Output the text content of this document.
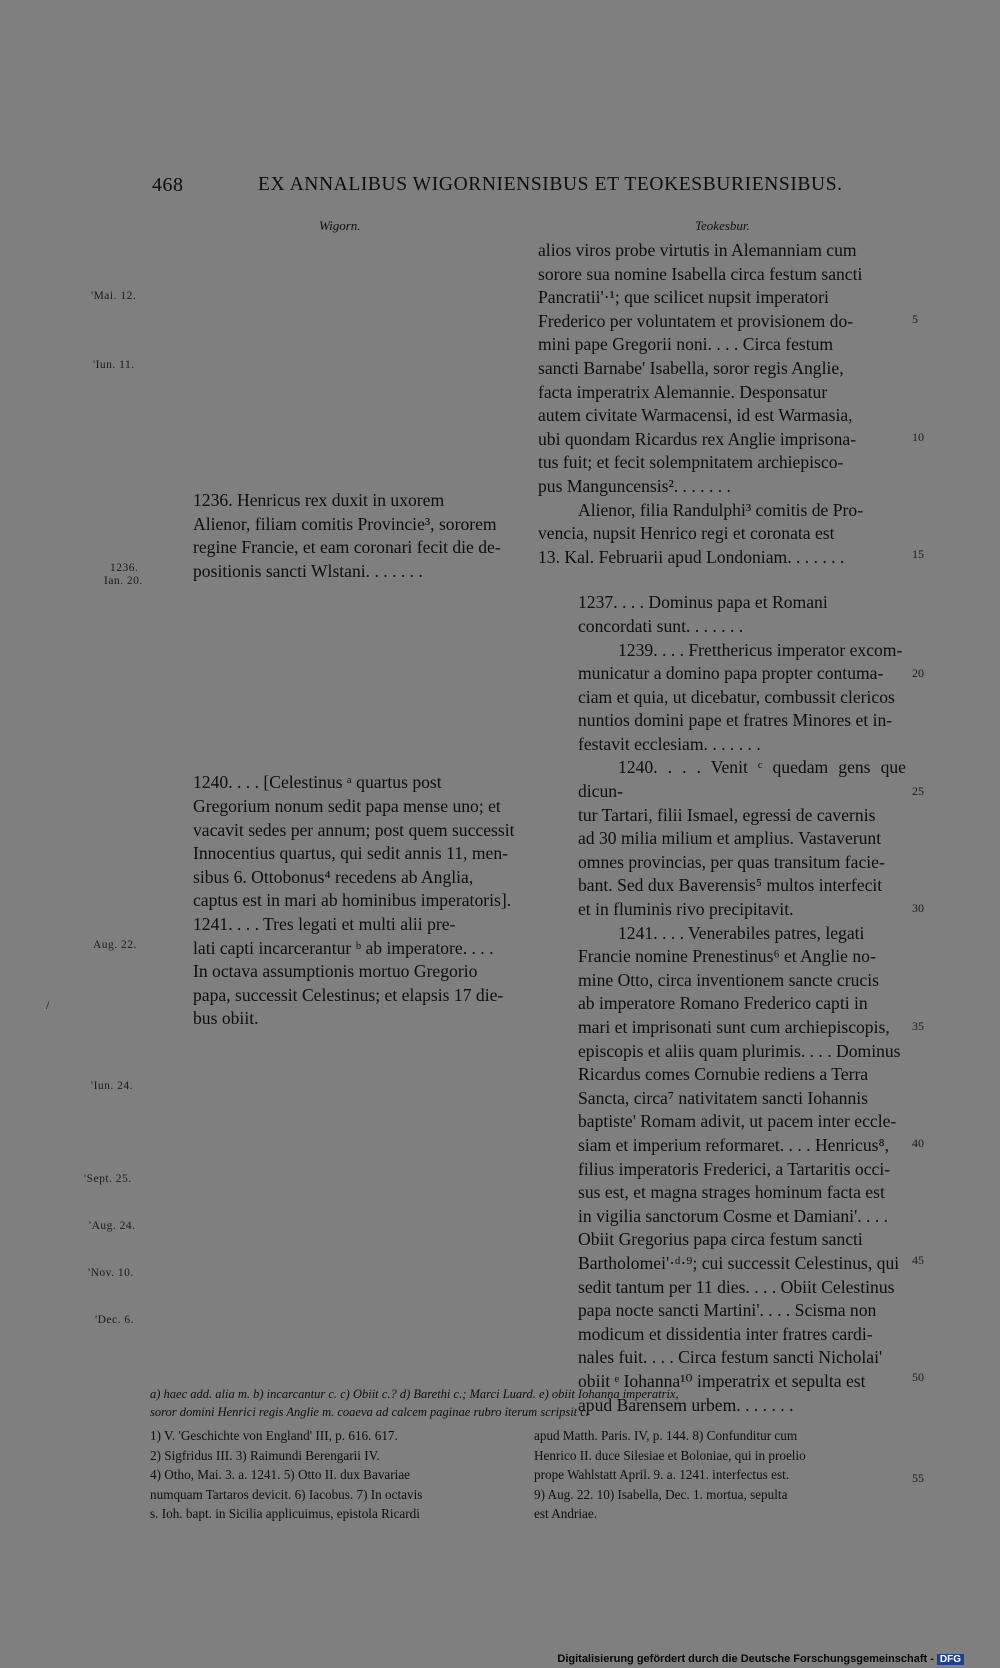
468	EX ANNALIBUS WIGORNIENSIBUS ET TEOKESBURIENSIBUS.
Wigorn.	Teokesbur.
'Mai. 12.
'Iun. 11.
1236.
Ian. 20.
Aug. 22.
'Iun. 24.
'Sept. 25.
'Aug. 24.
'Nov. 10.
'Dec. 6.
/

1236. Henricus rex duxit in uxorem
Alienor, filiam comitis Provincie³, sororem
regine Francie, et eam coronari fecit die de-
positionis sancti Wlstani. . . . . . .

1240. . . . [Celestinus ᵃ quartus post
Gregorium nonum sedit papa mense uno; et
vacavit sedes per annum; post quem successit
Innocentius quartus, qui sedit annis 11, men-
sibus 6. Ottobonus⁴ recedens ab Anglia,
captus est in mari ab hominibus imperatoris].
1241. . . . Tres legati et multi alii pre-
lati capti incarcerantur ᵇ ab imperatore. . . .
In octava assumptionis mortuo Gregorio
papa, successit Celestinus; et elapsis 17 die-
bus obiit.

alios viros probe virtutis in Alemanniam cum
sorore sua nomine Isabella circa festum sancti
Pancratii'·¹; que scilicet nupsit imperatori
Frederico per voluntatem et provisionem do-
mini pape Gregorii noni. . . . Circa festum
sancti Barnabe' Isabella, soror regis Anglie,
facta imperatrix Alemannie. Desponsatur
autem civitate Warmacensi, id est Warmasia,
ubi quondam Ricardus rex Anglie imprisona-
tus fuit; et fecit solempnitatem archiepisco-
pus Manguncensis². . . . . . .
Alienor, filia Randulphi³ comitis de Pro-
vencia, nupsit Henrico regi et coronata est
13. Kal. Februarii apud Londoniam. . . . . . .

1237. . . . Dominus papa et Romani
concordati sunt. . . . . . .
1239. . . . Fretthericus imperator excom-
municatur a domino papa propter contuma-
ciam et quia, ut dicebatur, combussit clericos
nuntios domini pape et fratres Minores et in-
festavit ecclesiam. . . . . . .
1240. . . . Venit ᶜ quedam gens que dicun-
tur Tartari, filii Ismael, egressi de cavernis
ad 30 milia milium et amplius. Vastaverunt
omnes provincias, per quas transitum facie-
bant. Sed dux Baverensis⁵ multos interfecit
et in fluminis rivo precipitavit.
1241. . . . Venerabiles patres, legati
Francie nomine Prenestinus⁶ et Anglie no-
mine Otto, circa inventionem sancte crucis
ab imperatore Romano Frederico capti in
mari et imprisonati sunt cum archiepiscopis,
episcopis et aliis quam plurimis. . . . Dominus
Ricardus comes Cornubie rediens a Terra
Sancta, circa⁷ nativitatem sancti Iohannis
baptiste' Romam adivit, ut pacem inter eccle-
siam et imperium reformaret. . . . Henricus⁸,
filius imperatoris Frederici, a Tartaritis occi-
sus est, et magna strages hominum facta est
in vigilia sanctorum Cosme et Damiani'. . . .
Obiit Gregorius papa circa festum sancti
Bartholomei'·ᵈ·⁹; cui successit Celestinus, qui
sedit tantum per 11 dies. . . . Obiit Celestinus
papa nocte sancti Martini'. . . . Scisma non
modicum et dissidentia inter fratres cardi-
nales fuit. . . . Circa festum sancti Nicholai'
obiit ᵉ Iohanna¹⁰ imperatrix et sepulta est
apud Barensem urbem. . . . . . .

5
10
15
20
25
30
35
40
45
50
55
a) haec add. alia m. b) incarcantur c. c) Obiit c.? d) Barethi c.; Marci Luard. e) obiit Iohanna imperatrix,
soror domini Henrici regis Anglie m. coaeva ad calcem paginae rubro iterum scripsit c.
1) V. 'Geschichte von England' III, p. 616. 617.
2) Sigfridus III. 3) Raimundi Berengarii IV.
4) Otho, Mai. 3. a. 1241. 5) Otto II. dux Bavariae
numquam Tartaros devicit. 6) Iacobus. 7) In octavis
s. Ioh. bapt. in Sicilia applicuimus, epistola Ricardi
apud Matth. Paris. IV, p. 144. 8) Confunditur cum
Henrico II. duce Silesiae et Boloniae, qui in proelio
prope Wahlstatt April. 9. a. 1241. interfectus est.
9) Aug. 22. 10) Isabella, Dec. 1. mortua, sepulta
est Andriae.
Digitalisierung gefördert durch die Deutsche Forschungsgemeinschaft - DFG
